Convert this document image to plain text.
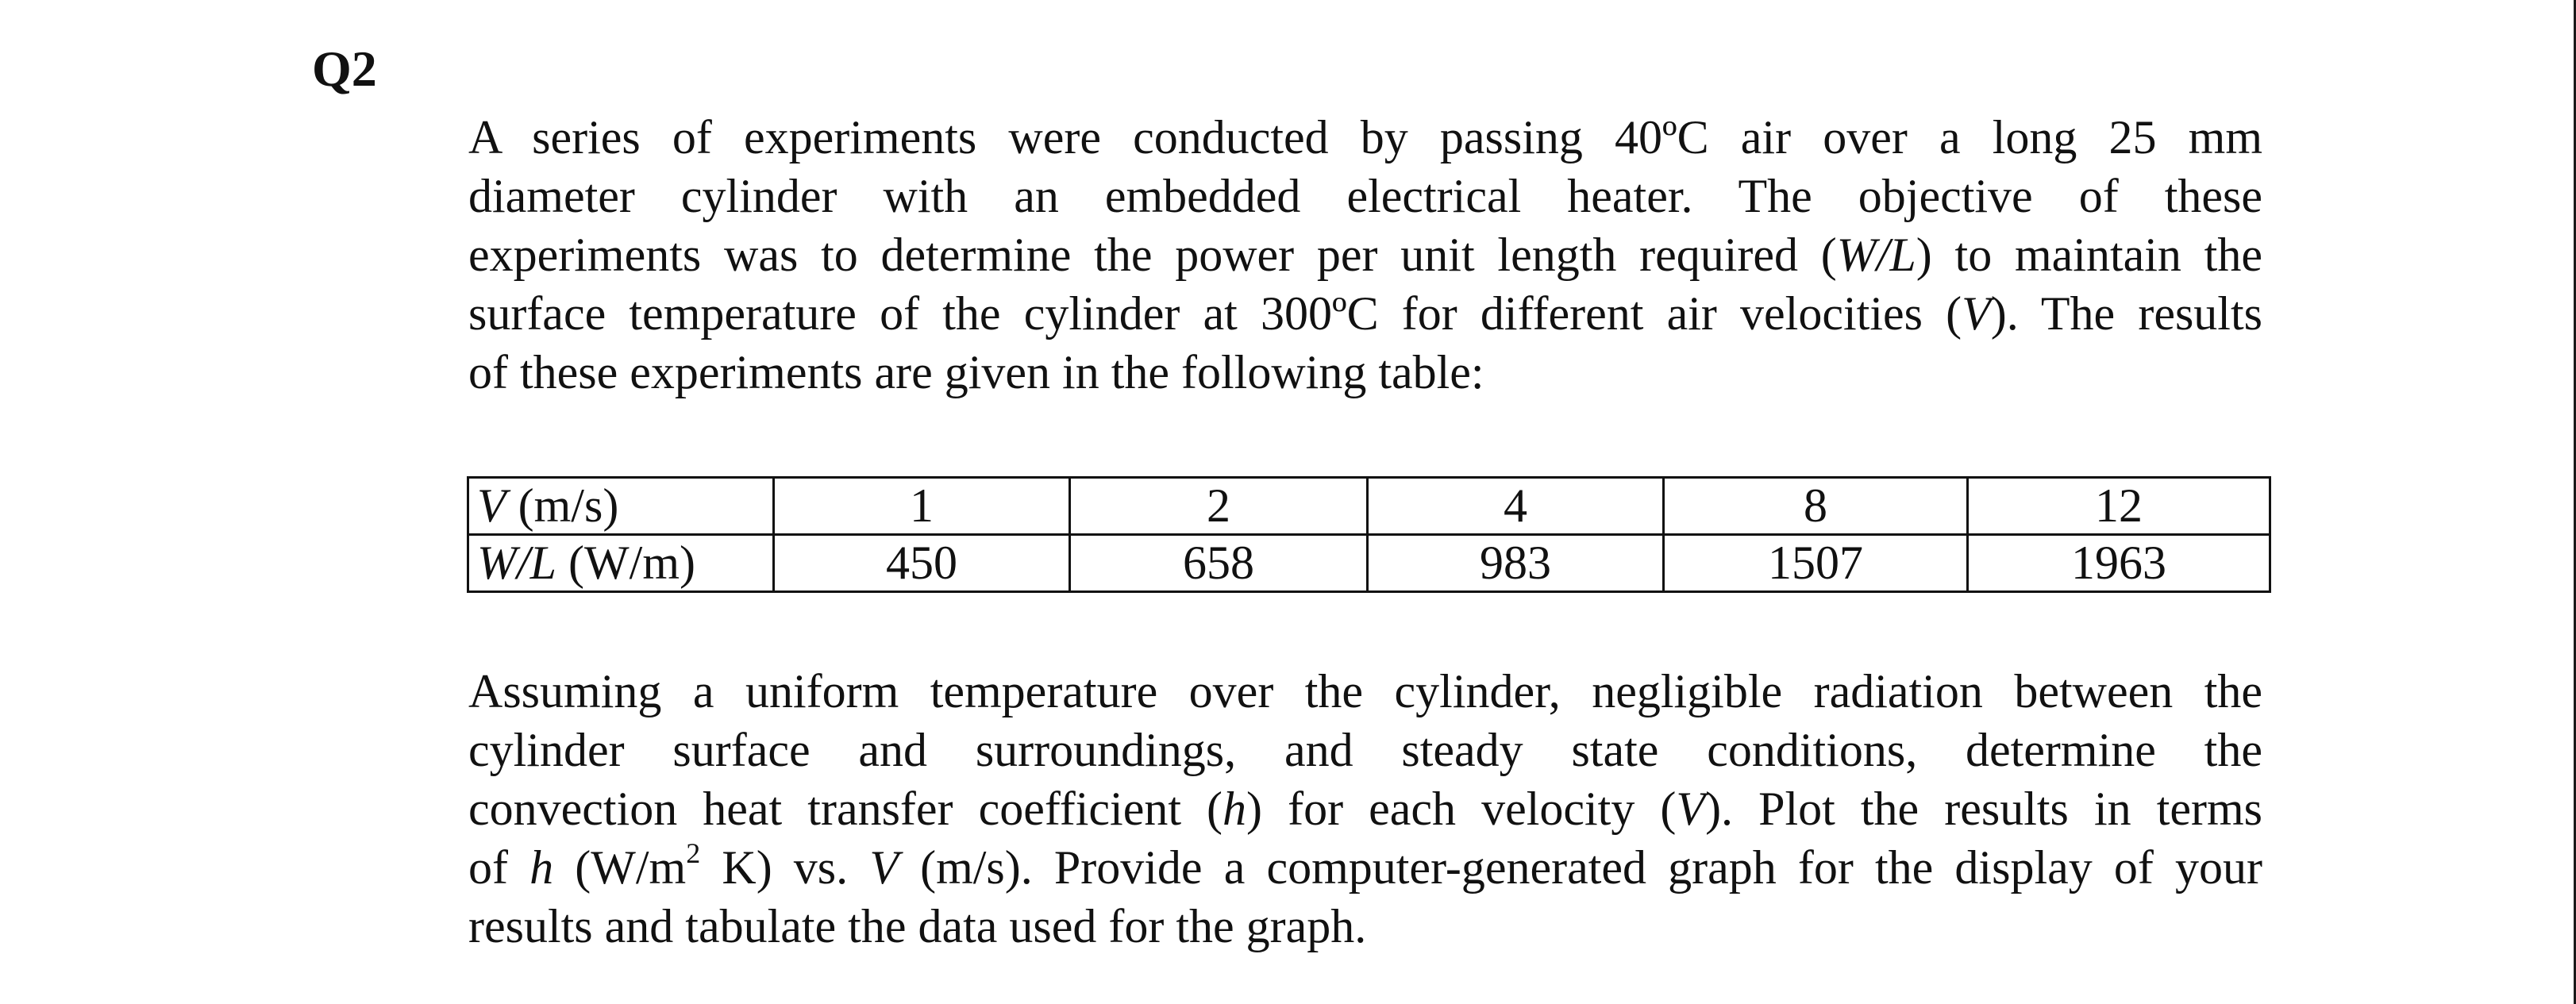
Q2
A series of experiments were conducted by passing 40ºC air over a long 25 mm
diameter cylinder with an embedded electrical heater. The objective of these
experiments was to determine the power per unit length required (W/L) to maintain the
surface temperature of the cylinder at 300ºC for different air velocities (V). The results
of these experiments are given in the following table:
V (m/s)	1	2	4	8	12
W/L (W/m)	450	658	983	1507	1963
Assuming a uniform temperature over the cylinder, negligible radiation between the
cylinder surface and surroundings, and steady state conditions, determine the
convection heat transfer coefficient (h) for each velocity (V). Plot the results in terms
of h ($W/m^2$ K) vs. V (m/s). Provide a computer-generated graph for the display of your
results and tabulate the data used for the graph.
